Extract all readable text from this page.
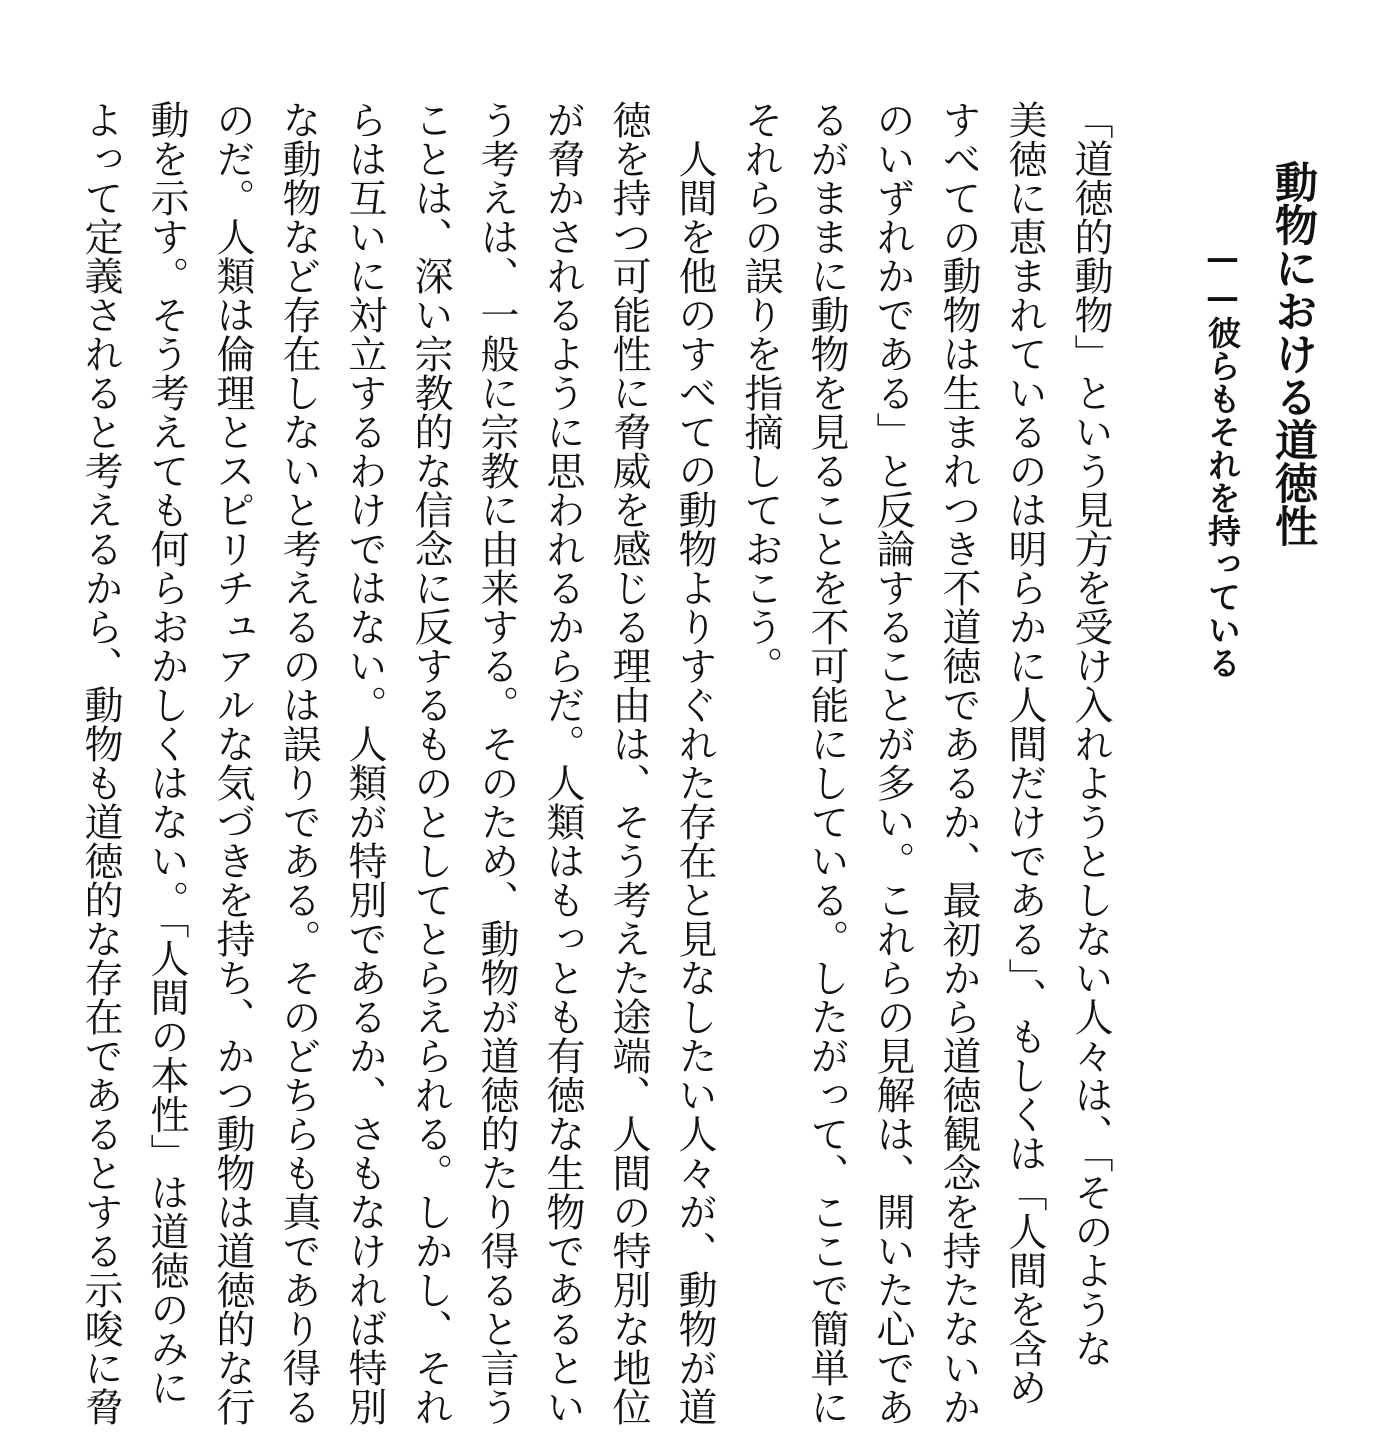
動物における道徳性
——彼らもそれを持っている

「道徳的動物」という見方を受け入れようとしない人々は、「そのような

美徳に恵まれているのは明らかに人間だけである」、もしくは「人間を含め

すべての動物は生まれつき不道徳であるか、最初から道徳観念を持たないか

のいずれかである」と反論することが多い。これらの見解は、開いた心であ

るがままに動物を見ることを不可能にしている。したがって、ここで簡単に

それらの誤りを指摘しておこう。

　人間を他のすべての動物よりすぐれた存在と見なしたい人々が、動物が道

徳を持つ可能性に脅威を感じる理由は、そう考えた途端、人間の特別な地位

が脅かされるように思われるからだ。人類はもっとも有徳な生物であるとい

う考えは、一般に宗教に由来する。そのため、動物が道徳的たり得ると言う

ことは、深い宗教的な信念に反するものとしてとらえられる。しかし、それ

らは互いに対立するわけではない。人類が特別であるか、さもなければ特別

な動物など存在しないと考えるのは誤りである。そのどちらも真であり得る

のだ。人類は倫理とスピリチュアルな気づきを持ち、かつ動物は道徳的な行

動を示す。そう考えても何らおかしくはない。「人間の本性」は道徳のみに

よって定義されると考えるから、動物も道徳的な存在であるとする示唆に脅
